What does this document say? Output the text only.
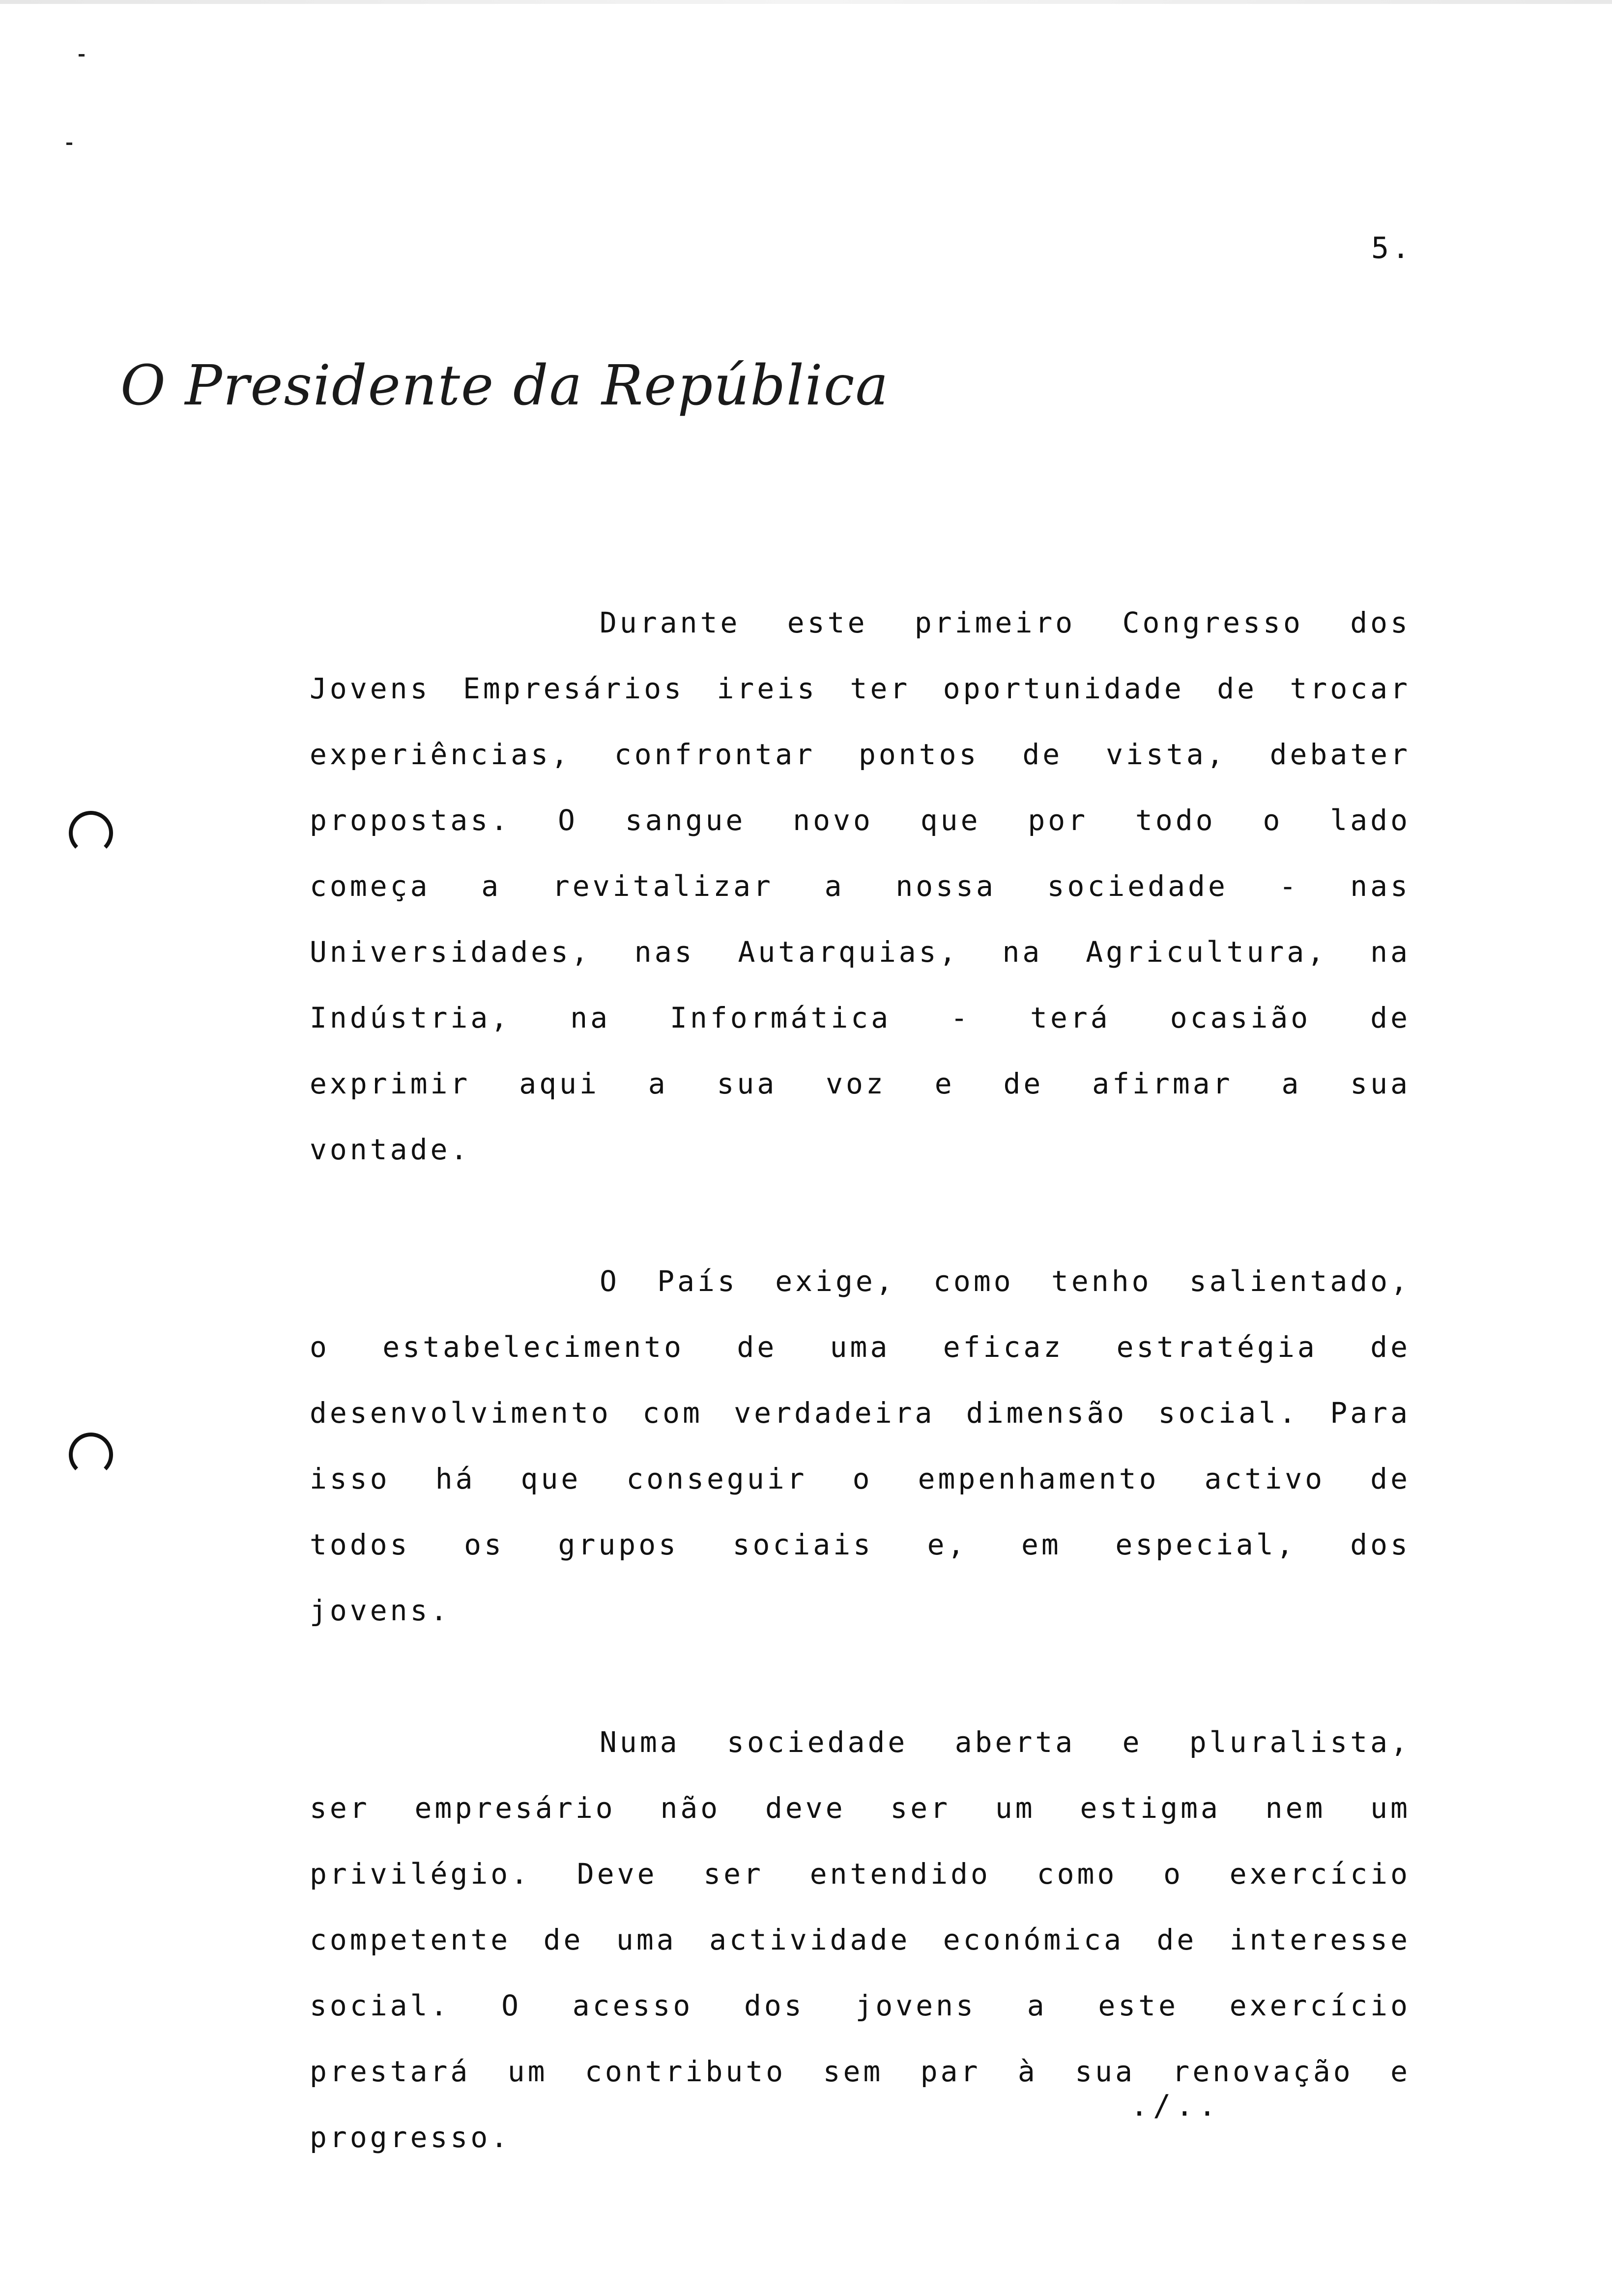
5.
O Presidente da República

Durante este primeiro Congresso dos Jovens Empresários ireis ter oportunidade de trocar experiências, confrontar pontos de vista, debater propostas. O sangue novo que por todo o lado começa a revitalizar a nossa sociedade - nas Universidades, nas Autarquias, na Agricultura, na Indústria, na Informática - terá ocasião de exprimir aqui a sua voz e de afirmar a sua vontade.

O País exige, como tenho salientado, o estabelecimento de uma eficaz estratégia de desenvolvimento com verdadeira dimensão social. Para isso há que conseguir o empenhamento activo de todos os grupos sociais e, em especial, dos jovens.

Numa sociedade aberta e pluralista, ser empresário não deve ser um estigma nem um privilégio. Deve ser entendido como o exercício competente de uma actividade económica de interesse social. O acesso dos jovens a este exercício prestará um contributo sem par à sua renovação e progresso.

./..
